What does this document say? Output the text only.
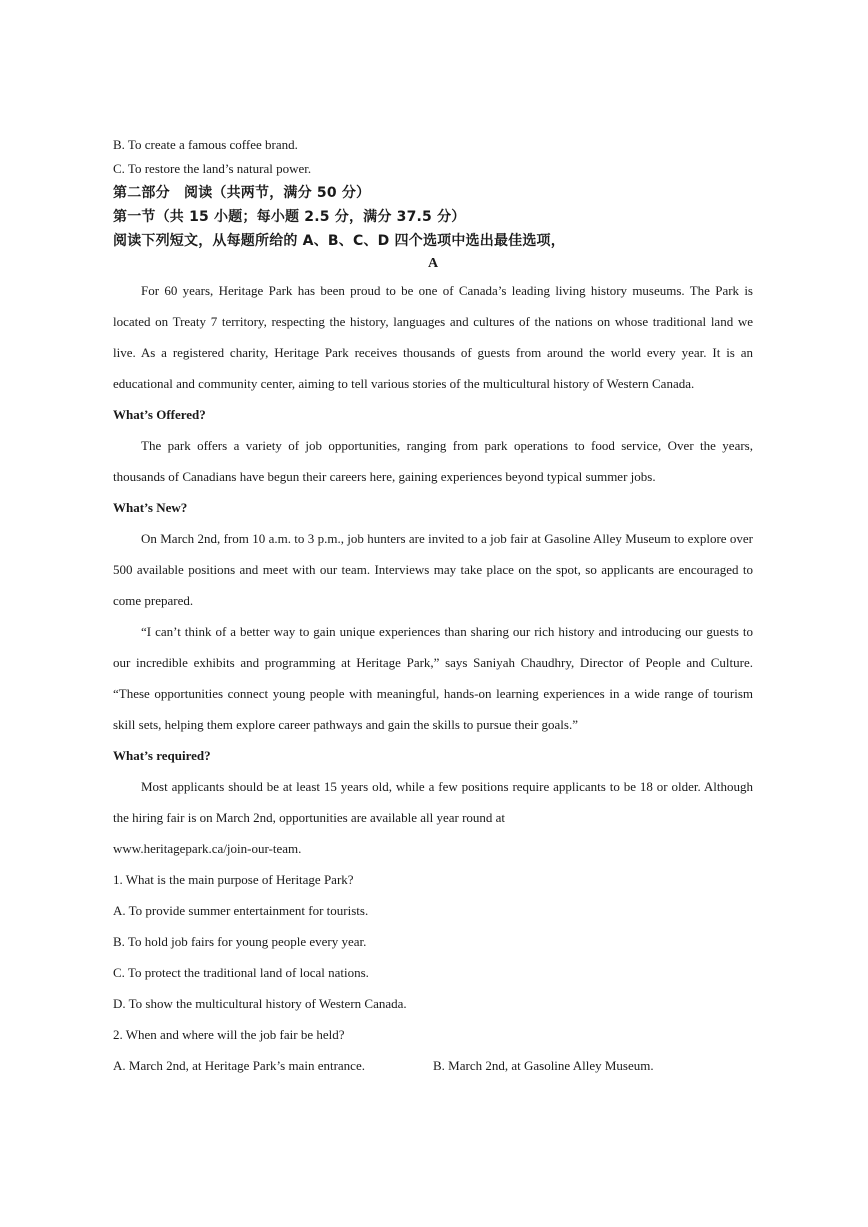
B. To create a famous coffee brand.

C. To restore the land’s natural power.

第二部分　阅读（共两节，满分 50 分）

第一节（共 15 小题；每小题 2.5 分，满分 37.5 分）

阅读下列短文，从每题所给的 A、B、C、D 四个选项中选出最佳选项，

A

For 60 years, Heritage Park has been proud to be one of Canada’s leading living history museums. The Park is located on Treaty 7 territory, respecting the history, languages and cultures of the nations on whose traditional land we live. As a registered charity, Heritage Park receives thousands of guests from around the world every year. It is an educational and community center, aiming to tell various stories of the multicultural history of Western Canada.

What’s Offered?

The park offers a variety of job opportunities, ranging from park operations to food service, Over the years, thousands of Canadians have begun their careers here, gaining experiences beyond typical summer jobs.

What’s New?

On March 2nd, from 10 a.m. to 3 p.m., job hunters are invited to a job fair at Gasoline Alley Museum to explore over 500 available positions and meet with our team. Interviews may take place on the spot, so applicants are encouraged to come prepared.

“I can’t think of a better way to gain unique experiences than sharing our rich history and introducing our guests to our incredible exhibits and programming at Heritage Park,” says Saniyah Chaudhry, Director of People and Culture. “These opportunities connect young people with meaningful, hands-on learning experiences in a wide range of tourism skill sets, helping them explore career pathways and gain the skills to pursue their goals.”

What’s required?

Most applicants should be at least 15 years old, while a few positions require applicants to be 18 or older. Although the hiring fair is on March 2nd, opportunities are available all year round at

www.heritagepark.ca/join-our-team.

1. What is the main purpose of Heritage Park?

A. To provide summer entertainment for tourists.

B. To hold job fairs for young people every year.

C. To protect the traditional land of local nations.

D. To show the multicultural history of Western Canada.

2. When and where will the job fair be held?

A. March 2nd, at Heritage Park’s main entrance.	B. March 2nd, at Gasoline Alley Museum.
